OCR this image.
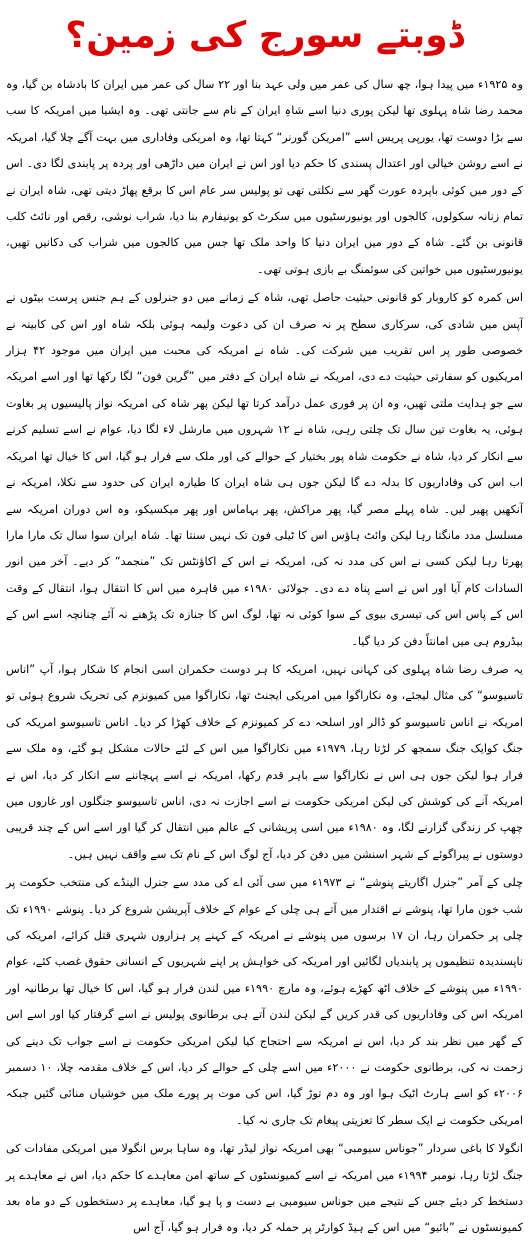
ڈوبتے سورج کی زمین؟

وہ ۱۹۲۵ء میں پیدا ہوا، چھ سال کی عمر میں ولی عہد بنا اور ۲۲ سال کی عمر میں ایران کا بادشاہ بن گیا، وہ محمد رضا شاہ پہلوی تھا لیکن پوری دنیا اسے شاہِ ایران کے نام سے جانتی تھی۔ وہ ایشیا میں امریکہ کا سب سے بڑا دوست تھا، یورپی پریس اسے ”امریکن گورنر“ کہتا تھا، وہ امریکی وفاداری میں بہت آگے چلا گیا، امریکہ نے اسے روشن خیالی اور اعتدال پسندی کا حکم دیا اور اس نے ایران میں داڑھی اور پردہ پر پابندی لگا دی۔ اس کے دور میں کوئی باپردہ عورت گھر سے نکلتی تھی تو پولیس سر عام اس کا برقع پھاڑ دیتی تھی، شاہ ایران نے تمام زنانہ سکولوں، کالجوں اور یونیورسٹیوں میں سکرٹ کو یونیفارم بنا دیا، شراب نوشی، رقص اور نائٹ کلب قانونی بن گئے۔ شاہ کے دور میں ایران دنیا کا واحد ملک تھا جس میں کالجوں میں شراب کی دکانیں تھیں، یونیورسٹیوں میں خواتین کی سوئمنگ بے بازی ہوتی تھی۔

اس کمرہ کو کاروبار کو قانونی حیثیت حاصل تھی، شاہ کے زمانے میں دو جنرلوں کے ہم جنس پرست بیٹوں نے آپس میں شادی کی، سرکاری سطح پر نہ صرف ان کی دعوت ولیمہ ہوئی بلکہ شاہ اور اس کی کابینہ نے خصوصی طور پر اس تقریب میں شرکت کی۔ شاہ نے امریکہ کی محبت میں ایران میں موجود ۴۲ ہزار امریکیوں کو سفارتی حیثیت دے دی، امریکہ نے شاہ ایران کے دفتر میں ”گرین فون“ لگا رکھا تھا اور اسے امریکہ سے جو ہدایت ملتی تھیں، وہ ان پر فوری عمل درآمد کرتا تھا لیکن پھر شاہ کی امریکہ نواز پالیسیوں پر بغاوت ہوئی، یہ بغاوت تین سال تک چلتی رہی، شاہ نے ۱۲ شہروں میں مارشل لاء لگا دیا، عوام نے اسے تسلیم کرنے سے انکار کر دیا، شاہ نے حکومت شاہ پور بختیار کے حوالے کی اور ملک سے فرار ہو گیا، اس کا خیال تھا امریکہ اب اس کی وفاداریوں کا بدلہ دے گا لیکن جوں ہی شاہ ایران کا طیارہ ایران کی حدود سے نکلا، امریکہ نے آنکھیں پھیر لیں۔ شاہ پہلے مصر گیا، پھر مراکش، پھر بہاماس اور پھر میکسیکو، وہ اس دوران امریکہ سے مسلسل مدد مانگتا رہا لیکن وائٹ ہاؤس اس کا ٹیلی فون تک نہیں سنتا تھا۔ شاہ ایران سوا سال تک مارا مارا پھرتا رہا لیکن کسی نے اس کی مدد نہ کی، امریکہ نے اس کے اکاؤنٹس تک ”منجمد“ کر دیے۔ آخر میں انور السادات کام آیا اور اس نے اسے پناہ دے دی۔ جولائی ۱۹۸۰ء میں قاہرہ میں اس کا انتقال ہوا، انتقال کے وقت اس کے پاس اس کی تیسری بیوی کے سوا کوئی نہ تھا، لوگ اس کا جنازہ تک پڑھنے نہ آئے چنانچہ اسے اس کے بیڈروم ہی میں امانتاً دفن کر دیا گیا۔

یہ صرف رضا شاہ پہلوی کی کہانی نہیں، امریکہ کا ہر دوست حکمران اسی انجام کا شکار ہوا، آپ ”اناس تاسیوسو“ کی مثال لیجئے، وہ نکاراگوا میں امریکی ایجنٹ تھا، نکاراگوا میں کمیونزم کی تحریک شروع ہوئی تو امریکہ نے اناس تاسیوسو کو ڈالر اور اسلحہ دے کر کمیونزم کے خلاف کھڑا کر دیا۔ اناس تاسیوسو امریکہ کی جنگ کوایک جنگ سمجھ کر لڑتا رہا، ۱۹۷۹ء میں نکاراگوا میں اس کے لئے حالات مشکل ہو گئے، وہ ملک سے فرار ہوا لیکن جوں ہی اس نے نکاراگوا سے باہر قدم رکھا، امریکہ نے اسے پہچاننے سے انکار کر دیا، اس نے امریکہ آنے کی کوشش کی لیکن امریکی حکومت نے اسے اجازت نہ دی، اناس تاسیوسو جنگلوں اور غاروں میں چھپ کر زندگی گزارنے لگا، وہ ۱۹۸۰ء میں اسی پریشانی کے عالم میں انتقال کر گیا اور اسے اس کے چند قریبی دوستوں نے پیراگوئے کے شہر اسنشن میں دفن کر دیا، آج لوگ اس کے نام تک سے واقف نہیں ہیں۔

چلی کے آمر ”جنرل اگاریتے پنوشے“ نے ۱۹۷۳ء میں سی آئی اے کی مدد سے جنرل الینڈے کی منتخب حکومت پر شب خون مارا تھا، پنوشے نے اقتدار میں آتے ہی چلی کے عوام کے خلاف آپریشن شروع کر دیا۔ پنوشے ۱۹۹۰ء تک چلی پر حکمران رہا، ان ۱۷ برسوں میں پنوشے نے امریکہ کے کہنے پر ہزاروں شہری قتل کرائے، امریکہ کی ناپسندیدہ تنظیموں پر پابندیاں لگائیں اور امریکہ کی خواہش پر اپنے شہریوں کے انسانی حقوق غصب کئے، عوام ۱۹۹۰ء میں پنوشے کے خلاف اٹھ کھڑے ہوئے، وہ مارچ ۱۹۹۰ء میں لندن فرار ہو گیا، اس کا خیال تھا برطانیہ اور امریکہ اس کی وفاداریوں کی قدر کریں گے لیکن لندن آتے ہی برطانوی پولیس نے اسے گرفتار کیا اور اسے اس کے گھر میں نظر بند کر دیا، اس نے امریکہ سے احتجاج کیا لیکن امریکی حکومت نے اسے جواب تک دینے کی زحمت نہ کی، برطانوی حکومت نے ۲۰۰۰ء میں اسے چلی کے حوالے کر دیا، اس کے خلاف مقدمہ چلا، ۱۰ دسمبر ۲۰۰۶ء کو اسے ہارٹ اٹیک ہوا اور وہ دم توڑ گیا، اس کی موت پر پورے ملک میں خوشیاں منائی گئیں جبکہ امریکی حکومت نے ایک سطر کا تعزیتی پیغام تک جاری نہ کیا۔

انگولا کا باغی سردار ”جوناس سیومبی“ بھی امریکہ نواز لیڈر تھا، وہ ساہا برس انگولا میں امریکی مفادات کی جنگ لڑتا رہا، نومبر ۱۹۹۴ء میں امریکہ نے اسے کمیونسٹوں کے ساتھ امن معاہدے کا حکم دیا، اس نے معاہدے پر دستخط کر دیئے جس کے نتیجے میں جوناس سیومبی بے دست و پا ہو گیا، معاہدے پر دستخطوں کے دو ماہ بعد کمیونسٹوں نے ”بائیو“ میں اس کے ہیڈ کوارٹر پر حملہ کر دیا، وہ فرار ہو گیا، آج اس
